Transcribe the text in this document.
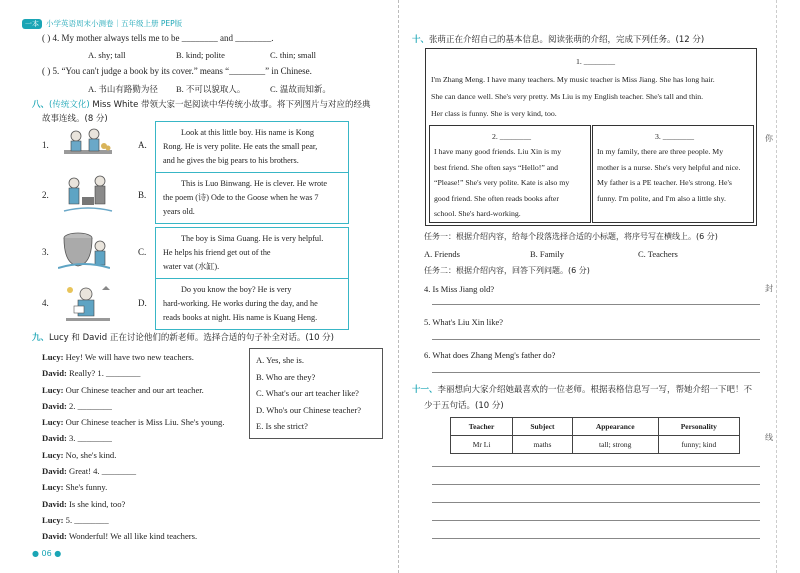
一本 小学英语周末小测卷｜五年级上册 PEP版
( ) 4. My mother always tells me to be ________ and ________.
A. shy; tall	B. kind; polite	C. thin; small
( ) 5. “You can't judge a book by its cover.” means “________” in Chinese.
A. 书山有路勤为径 B. 不可以貌取人。	C. 温故而知新。
八、(传统文化) Miss White 带领大家一起阅读中华传统小故事。将下列图片与对应的经典
故事连线。(8 分)
1.
2.
3.
4.
A.
Look at this little boy. His name is Kong
Rong. He is very polite. He eats the small pear,
and he gives the big pears to his brothers.
B.
This is Luo Binwang. He is clever. He wrote
the poem (诗) Ode to the Goose when he was 7
years old.
C.
The boy is Sima Guang. He is very helpful.
He helps his friend get out of the
water vat (水缸).
D.
Do you know the boy? He is very
hard-working. He works during the day, and he
reads books at night. His name is Kuang Heng.
九、Lucy 和 David 正在讨论他们的新老师。选择合适的句子补全对话。(10 分)
Lucy: Hey! We will have two new teachers.
David: Really? 1. ________
Lucy: Our Chinese teacher and our art teacher.
David: 2. ________
Lucy: Our Chinese teacher is Miss Liu. She's young.
David: 3. ________
Lucy: No, she's kind.
David: Great! 4. ________
Lucy: She's funny.
David: Is she kind, too?
Lucy: 5. ________
David: Wonderful! We all like kind teachers.
A. Yes, she is.
B. Who are they?
C. What's our art teacher like?
D. Who's our Chinese teacher?
E. Is she strict?
● 06 ●
十、张萌正在介绍自己的基本信息。阅读张萌的介绍，完成下列任务。(12 分)
1. ________
I'm Zhang Meng. I have many teachers. My music teacher is Miss Jiang. She has long hair.
She can dance well. She's very pretty. Ms Liu is my English teacher. She's tall and thin.
Her class is funny. She is very kind, too.
2. ________
I have many good friends. Liu Xin is my
best friend. She often says “Hello!” and
“Please!” She's very polite. Kate is also my
good friend. She often reads books after
school. She's hard-working.
3. ________
In my family, there are three people. My
mother is a nurse. She's very helpful and nice.
My father is a PE teacher. He's strong. He's
funny. I'm polite, and I'm also a little shy.
任务一：根据介绍内容，给每个段落选择合适的小标题，将序号写在横线上。(6 分)
A. Friends	B. Family	C. Teachers
任务二：根据介绍内容，回答下列问题。(6 分)
4. Is Miss Jiang old?
5. What's Liu Xin like?
6. What does Zhang Meng's father do?
十一、李丽想向大家介绍她最喜欢的一位老师。根据表格信息写一写，帮她介绍一下吧！不
少于五句话。(10 分)
Teacher	Subject	Appearance	Personality
Mr Li	maths	tall; strong	funny; kind
你
封
线
